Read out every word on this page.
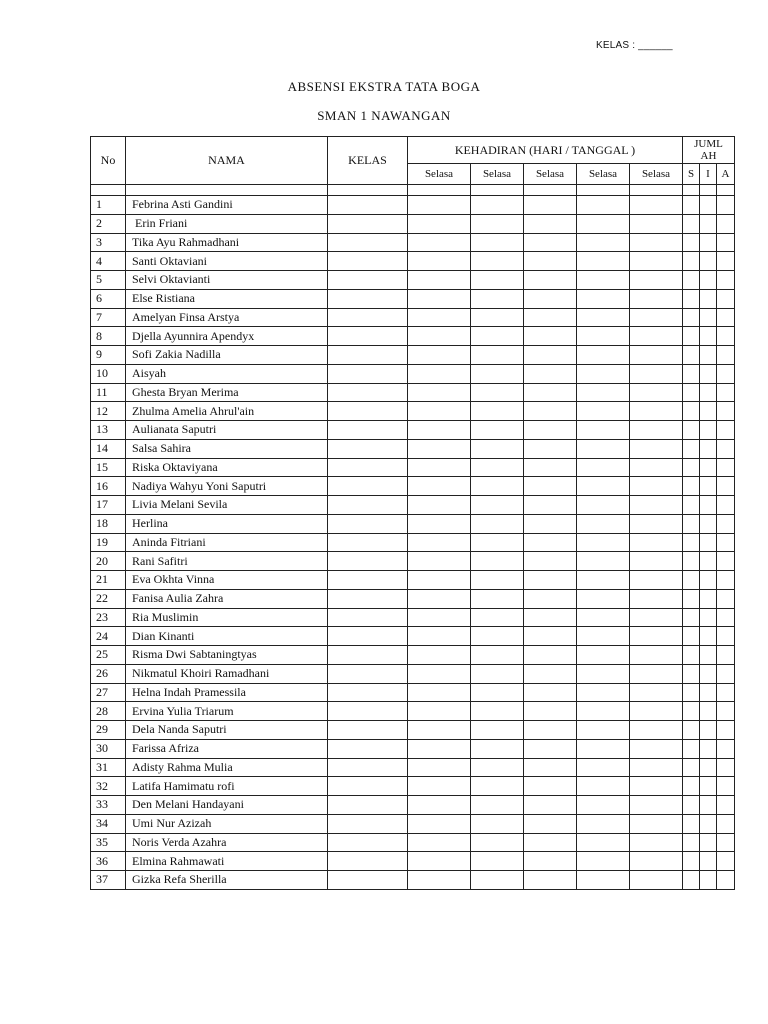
KELAS : ______
ABSENSI EKSTRA TATA BOGA
SMAN 1 NAWANGAN
No	NAMA	KELAS	KEHADIRAN (HARI / TANGGAL )					JUML
AH		
			Selasa	Selasa	Selasa	Selasa	Selasa	S	I	A

1	Febrina Asti Gandini									
2	Erin Friani									
3	Tika Ayu Rahmadhani									
4	Santi Oktaviani									
5	Selvi Oktavianti									
6	Else Ristiana									
7	Amelyan Finsa Arstya									
8	Djella Ayunnira Apendyx									
9	Sofi Zakia Nadilla									
10	Aisyah									
11	Ghesta Bryan Merima									
12	Zhulma Amelia Ahrul'ain									
13	Aulianata Saputri									
14	Salsa Sahira									
15	Riska Oktaviyana									
16	Nadiya Wahyu Yoni Saputri									
17	Livia Melani Sevila									
18	Herlina									
19	Aninda Fitriani									
20	Rani Safitri									
21	Eva Okhta Vinna									
22	Fanisa Aulia Zahra									
23	Ria Muslimin									
24	Dian Kinanti									
25	Risma Dwi Sabtaningtyas									
26	Nikmatul Khoiri Ramadhani									
27	Helna Indah Pramessila									
28	Ervina Yulia Triarum									
29	Dela Nanda Saputri									
30	Farissa Afriza									
31	Adisty Rahma Mulia									
32	Latifa Hamimatu rofi									
33	Den Melani Handayani									
34	Umi Nur Azizah									
35	Noris Verda Azahra									
36	Elmina Rahmawati									
37	Gizka Refa Sherilla									
